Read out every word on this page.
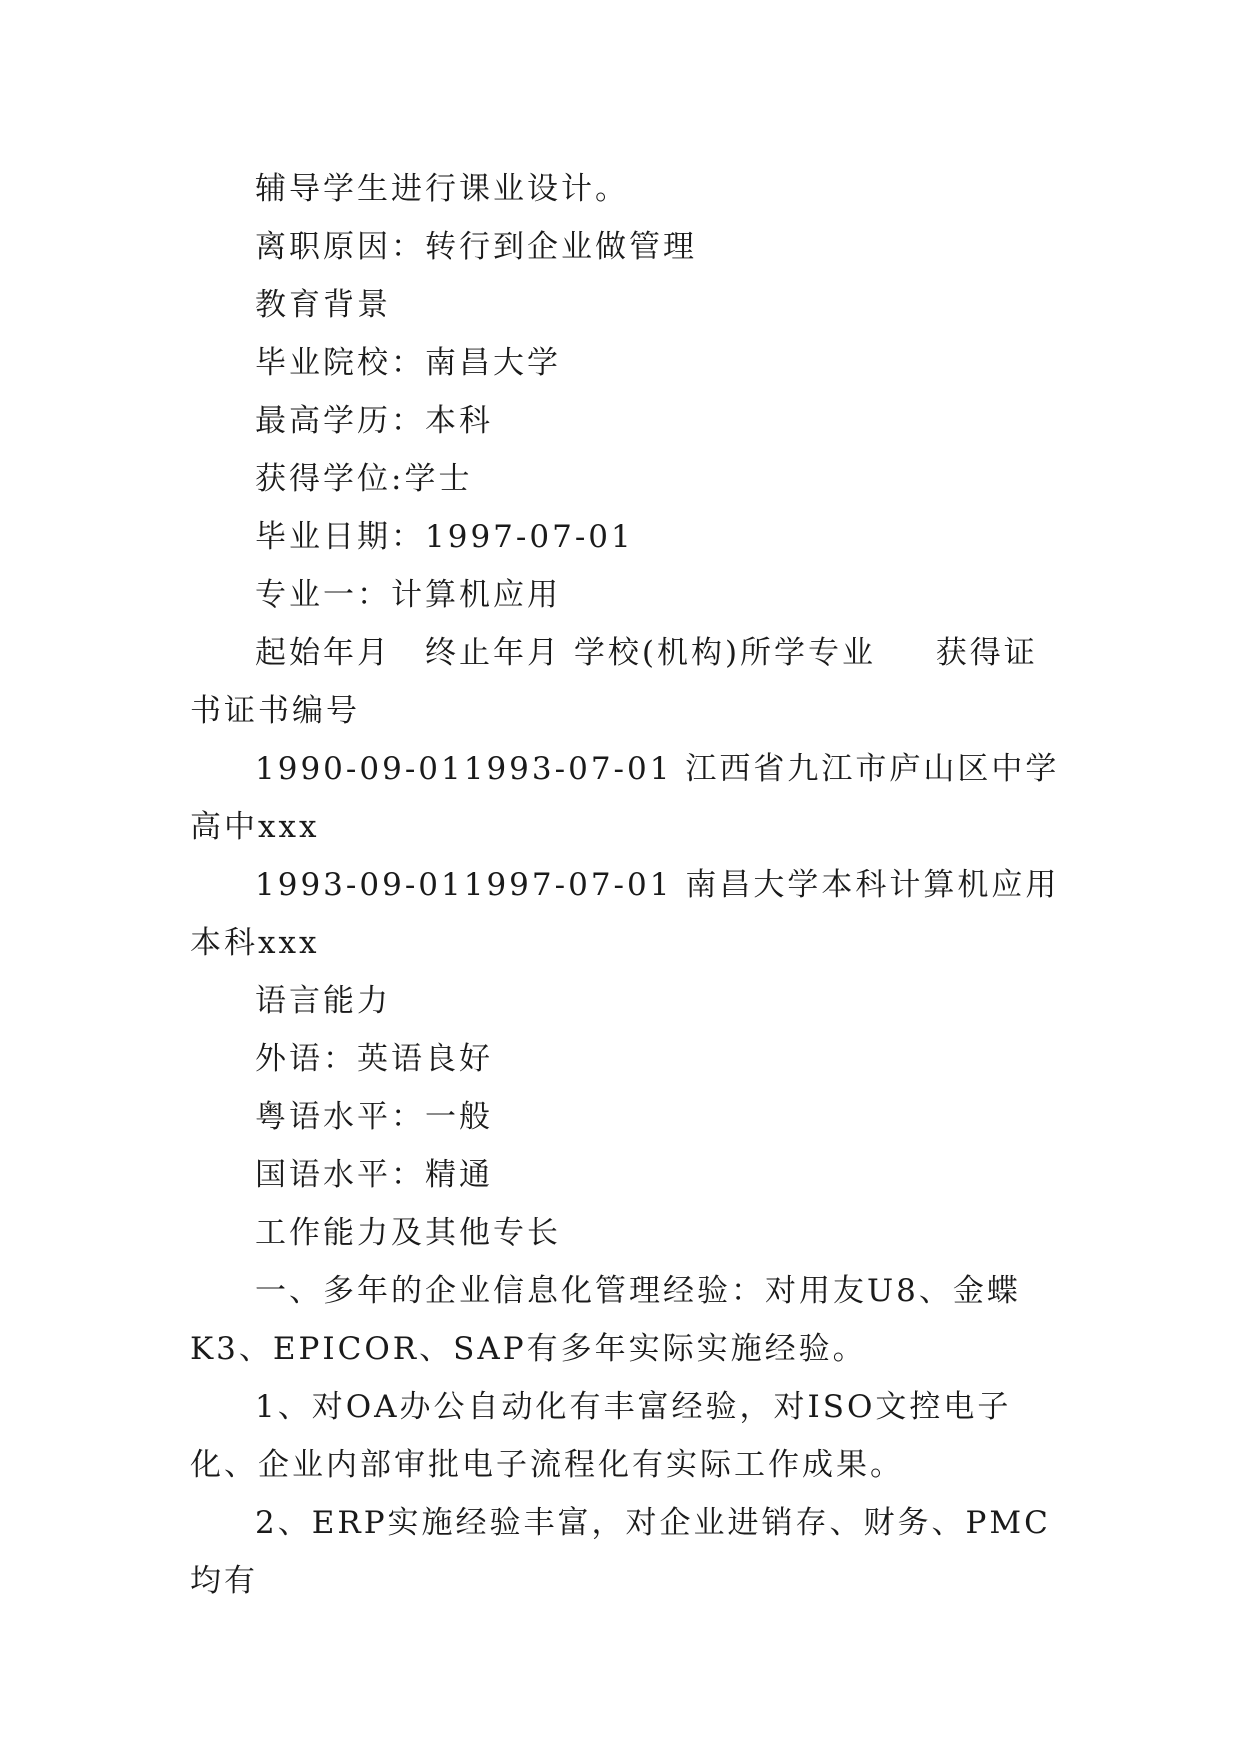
辅导学生进行课业设计。

离职原因：转行到企业做管理

教育背景

毕业院校：南昌大学

最高学历：本科

获得学位:学士

毕业日期：1997-07-01

专业一：计算机应用

起始年月　终止年月 学校(机构)所学专业　  获得证书证书编号

1990-09-011993-07-01 江西省九江市庐山区中学高中xxx

1993-09-011997-07-01 南昌大学本科计算机应用本科xxx

语言能力

外语：英语良好

粤语水平：一般

国语水平：精通

工作能力及其他专长

一、多年的企业信息化管理经验：对用友U8、金蝶K3、EPICOR、SAP有多年实际实施经验。

1、对OA办公自动化有丰富经验，对ISO文控电子化、企业内部审批电子流程化有实际工作成果。

2、ERP实施经验丰富，对企业进销存、财务、PMC均有
